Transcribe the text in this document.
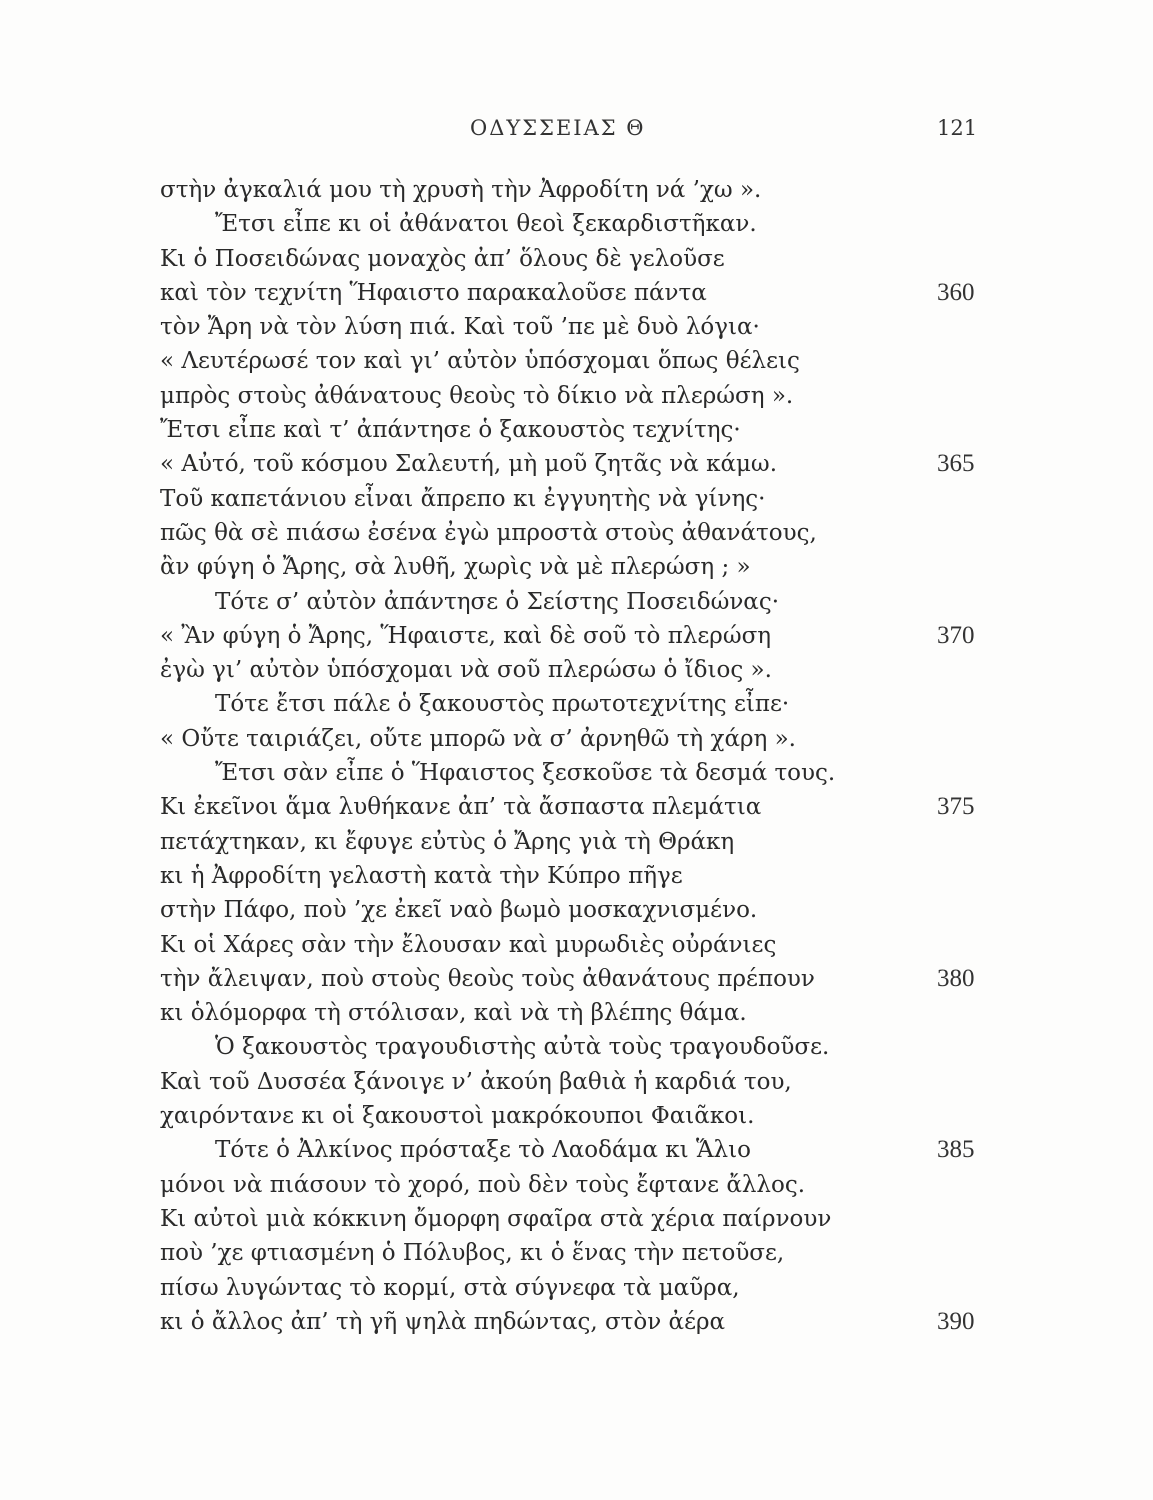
ΟΔΥΣΣΕΙΑΣ Θ	121
στὴν ἀγκαλιά μου τὴ χρυσὴ τὴν Ἀφροδίτη νά ’χω ».
Ἔτσι εἶπε κι οἱ ἀθάνατοι θεοὶ ξεκαρδιστῆκαν.
Κι ὁ Ποσειδώνας μοναχὸς ἀπ’ ὅλους δὲ γελοῦσε
καὶ τὸν τεχνίτη Ἥφαιστο παρακαλοῦσε πάντα	360
τὸν Ἄρη νὰ τὸν λύση πιά. Καὶ τοῦ ’πε μὲ δυὸ λόγια·
« Λευτέρωσέ τον καὶ γι’ αὐτὸν ὑπόσχομαι ὅπως θέλεις
μπρὸς στοὺς ἀθάνατους θεοὺς τὸ δίκιο νὰ πλερώση ».
Ἔτσι εἶπε καὶ τ’ ἀπάντησε ὁ ξακουστὸς τεχνίτης·
« Αὐτό, τοῦ κόσμου Σαλευτή, μὴ μοῦ ζητᾶς νὰ κάμω.	365
Τοῦ καπετάνιου εἶναι ἄπρεπο κι ἐγγυητὴς νὰ γίνης·
πῶς θὰ σὲ πιάσω ἐσένα ἐγὼ μπροστὰ στοὺς ἀθανάτους,
ἂν φύγη ὁ Ἄρης, σὰ λυθῆ, χωρὶς νὰ μὲ πλερώση ; »
Τότε σ’ αὐτὸν ἀπάντησε ὁ Σείστης Ποσειδώνας·
« Ἂν φύγη ὁ Ἄρης, Ἥφαιστε, καὶ δὲ σοῦ τὸ πλερώση	370
ἐγὼ γι’ αὐτὸν ὑπόσχομαι νὰ σοῦ πλερώσω ὁ ἴδιος ».
Τότε ἔτσι πάλε ὁ ξακουστὸς πρωτοτεχνίτης εἶπε·
« Οὔτε ταιριάζει, οὔτε μπορῶ νὰ σ’ ἀρνηθῶ τὴ χάρη ».
Ἔτσι σὰν εἶπε ὁ Ἥφαιστος ξεσκοῦσε τὰ δεσμά τους.
Κι ἐκεῖνοι ἅμα λυθήκανε ἀπ’ τὰ ἄσπαστα πλεμάτια	375
πετάχτηκαν, κι ἔφυγε εὐτὺς ὁ Ἄρης γιὰ τὴ Θράκη
κι ἡ Ἀφροδίτη γελαστὴ κατὰ τὴν Κύπρο πῆγε
στὴν Πάφο, ποὺ ’χε ἐκεῖ ναὸ βωμὸ μοσκαχνισμένο.
Κι οἱ Χάρες σὰν τὴν ἔλουσαν καὶ μυρωδιὲς οὐράνιες
τὴν ἄλειψαν, ποὺ στοὺς θεοὺς τοὺς ἀθανάτους πρέπουν	380
κι ὁλόμορφα τὴ στόλισαν, καὶ νὰ τὴ βλέπης θάμα.
Ὁ ξακουστὸς τραγουδιστὴς αὐτὰ τοὺς τραγουδοῦσε.
Καὶ τοῦ Δυσσέα ξάνοιγε ν’ ἀκούη βαθιὰ ἡ καρδιά του,
χαιρόντανε κι οἱ ξακουστοὶ μακρόκουποι Φαιᾶκοι.
Τότε ὁ Ἀλκίνος πρόσταξε τὸ Λαοδάμα κι Ἅλιο	385
μόνοι νὰ πιάσουν τὸ χορό, ποὺ δὲν τοὺς ἔφτανε ἄλλος.
Κι αὐτοὶ μιὰ κόκκινη ὄμορφη σφαῖρα στὰ χέρια παίρνουν
ποὺ ’χε φτιασμένη ὁ Πόλυβος, κι ὁ ἕνας τὴν πετοῦσε,
πίσω λυγώντας τὸ κορμί, στὰ σύγνεφα τὰ μαῦρα,
κι ὁ ἄλλος ἀπ’ τὴ γῆ ψηλὰ πηδώντας, στὸν ἀέρα	390
